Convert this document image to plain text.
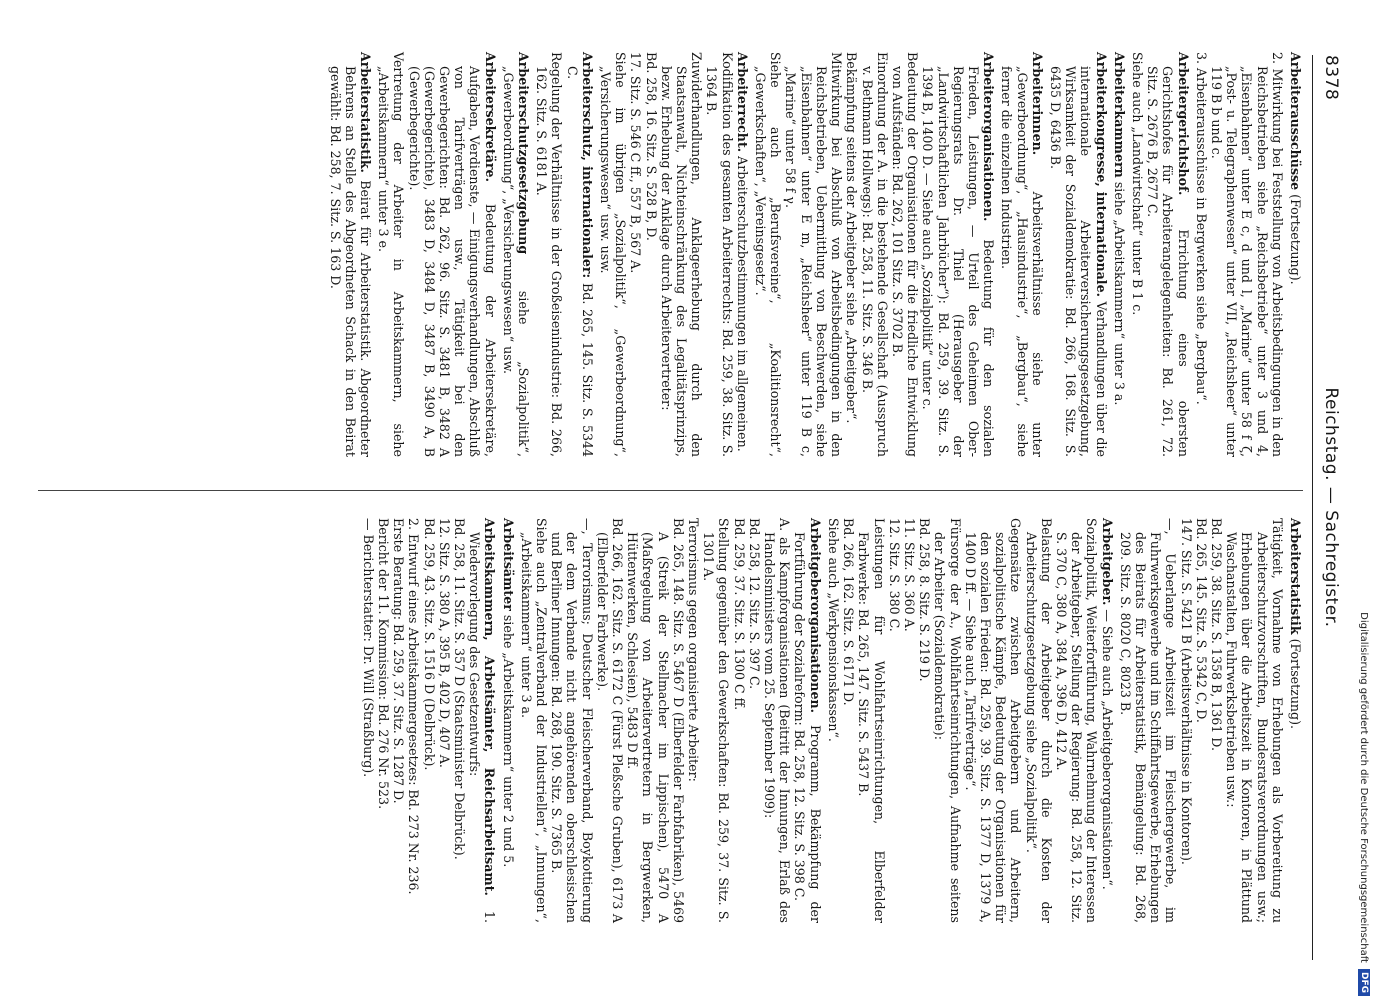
8378
Reichstag. — Sachregister.

Arbeiterausschüsse (Fortsetzung).

2. Mitwirkung bei Feststellung von Arbeitsbedingungen in den Reichsbetrieben siehe „Reichsbetriebe“ unter 3 und 4, „Eisenbahnen“ unter E c, d und l, „Marine“ unter 58 f ζ, „Post- u. Telegraphenwesen“ unter VII, „Reichsheer“ unter 119 B b und c.

3. Arbeiterausschüsse in Bergwerken siehe „Bergbau“.

Arbeitergerichtshof. Errichtung eines obersten Gerichtshofes für Arbeiterangelegenheiten: Bd. 261, 72. Sitz. S. 2676 B, 2677 C.

Siehe auch „Landwirtschaft“ unter B 1 c.

Arbeiterkammern siehe „Arbeitskammern“ unter 3 a.

Arbeiterkongresse, internationale. Verhandlungen über die internationale Arbeiterversicherungsgesetzgebung, Wirksamkeit der Sozialdemokratie: Bd. 266, 168. Sitz. S. 6435 D, 6436 B.

Arbeiterinnen. Arbeitsverhältnisse siehe unter „Gewerbeordnung“, „Hausindustrie“, „Bergbau“, siehe ferner die einzelnen Industrien.

Arbeiterorganisationen. Bedeutung für den sozialen Frieden, Leistungen, — Urteil des Geheimen Ober-Regierungsrats Dr. Thiel (Herausgeber der „Landwirtschaftlichen Jahrbücher“): Bd. 259, 39. Sitz. S. 1394 B, 1400 D. — Siehe auch „Sozialpolitik“ unter c.

Bedeutung der Organisationen für die friedliche Entwicklung von Aufständen: Bd. 262, 101 Sitz. S. 3702 B.

Einordnung der A. in die bestehende Gesellschaft (Ausspruch v. Bethmann Hollwegs): Bd. 258, 11. Sitz. S. 346 B.

Bekämpfung seitens der Arbeitgeber siehe „Arbeitgeber“.

Mitwirkung bei Abschluß von Arbeitsbedingungen in den Reichsbetrieben, Uebermittlung von Beschwerden, siehe „Eisenbahnen“ unter E m, „Reichsheer“ unter 119 B c, „Marine“ unter 58 f γ.

Siehe auch „Berufsvereine“, „Koalitionsrecht“, „Gewerkschaften“, „Vereinsgesetz“.

Arbeiterrecht. Arbeiterschutzbestimmungen im allgemeinen.

Kodifikation des gesamten Arbeiterrechts: Bd. 259, 38. Sitz. S. 1364 B.

Zuwiderhandlungen, Anklageerhebung durch den Staatsanwalt, Nichteinschränkung des Legalitätsprinzips, bezw. Erhebung der Anklage durch Arbeitervertreter:

Bd. 258, 16. Sitz. S. 528 B, D.

17. Sitz. S. 546 C ff., 557 B, 567 A.

Siehe im übrigen „Sozialpolitik“, „Gewerbeordnung“, „Versicherungswesen“ usw. usw.

Arbeiterschutz, internationaler: Bd. 265, 145. Sitz. S. 5344 C.

Regelung der Verhältnisse in der Großeisenindustrie: Bd. 266, 162. Sitz. S. 6181 A.

Arbeiterschutzgesetzgebung siehe „Sozialpolitik“, „Gewerbeordnung“, „Versicherungswesen“ usw.

Arbeitersekretäre. Bedeutung der Arbeitersekretäre, Aufgaben, Verdienste, — Einigungsverhandlungen, Abschluß von Tarifverträgen usw., Tätigkeit bei den Gewerbegerichten: Bd. 262, 96. Sitz. S. 3481 B, 3482 A (Gewerbegerichte), 3483 D, 3484 D, 3487 B, 3490 A, B (Gewerbegerichte).

Vertretung der Arbeiter in Arbeitskammern, siehe „Arbeitskammern“ unter 3 e.

Arbeiterstatistik. Beirat für Arbeiterstatistik. Abgeordneter Behrens an Stelle des Abgeordneten Schack in den Beirat gewählt: Bd. 258, 7. Sitz. S. 163 D.

Arbeiterstatistik (Fortsetzung).

Tätigkeit, Vornahme von Erhebungen als Vorbereitung zu Arbeiterschutzvorschriften, Bundesratsverordnungen usw.; Erhebungen über die Arbeitszeit in Kontoren, in Plättund Waschanstalten, Fuhrwerksbetrieben usw.:

Bd. 259, 38. Sitz. S. 1358 B, 1361 D.

Bd. 265, 145. Sitz. S. 5342 C, D.

147. Sitz. S. 5421 B (Arbeitsverhältnisse in Kontoren).

—, Ueberlange Arbeitszeit im Fleischergewerbe, im Fuhrwerksgewerbe und im Schiffahrtsgewerbe, Erhebungen des Beirats für Arbeiterstatistik, Bemängelung: Bd. 268, 209. Sitz. S. 8020 C, 8023 B.

Arbeitgeber. — Siehe auch „Arbeitgeberorganisationen“.

Sozialpolitik, Weiterfortführung, Wahrnehmung der Interessen der Arbeitgeber, Stellung der Regierung: Bd. 258, 12. Sitz. S. 370 C, 380 A, 384 A, 396 D, 412 A.

Belastung der Arbeitgeber durch die Kosten der Arbeiterschutzgesetzgebung siehe „Sozialpolitik“.

Gegensätze zwischen Arbeitgebern und Arbeitern, sozialpolitische Kämpfe, Bedeutung der Organisationen für den sozialen Frieden: Bd. 259, 39. Sitz. S. 1377 D, 1379 A, 1400 D ff. — Siehe auch „Tarifverträge“.

Fürsorge der A., Wohlfahrtseinrichtungen, Aufnahme seitens der Arbeiter (Sozialdemokratie):

Bd. 258, 8. Sitz. S. 219 D.

11. Sitz. S. 360 A.

12. Sitz. S. 380 C.

Leistungen für Wohlfahrtseinrichtungen, Elberfelder Farbwerke: Bd. 265, 147. Sitz. S. 5437 B.

Bd. 266, 162. Sitz. S. 6171 D.

Siehe auch „Werkpensionskassen“.

Arbeitgeberorganisationen. Programm, Bekämpfung der Fortführung der Sozialreform: Bd. 258, 12. Sitz. S. 398 C.

A. als Kampforganisationen (Beitritt der Innungen, Erlaß des Handelsministers vom 25. September 1909):

Bd. 258, 12. Sitz. S. 397 C.

Bd. 259, 37. Sitz. S. 1300 C ff.

Stellung gegenüber den Gewerkschaften: Bd. 259, 37. Sitz. S. 1301 A.

Terrorismus gegen organisierte Arbeiter:

Bd. 265, 148. Sitz. S. 5467 D (Elberfelder Farbfabriken), 5469 A (Streik der Stellmacher im Lippischen), 5470 A (Maßregelung von Arbeitervertretern in Bergwerken, Hüttenwerken, Schlesien), 5483 D ff.

Bd. 266, 162. Sitz. S. 6172 C (Fürst Pleßsche Gruben), 6173 A (Elberfelder Farbwerke).

—, Terrorismus; Deutscher Fleischerverband, Boykottierung der dem Verbande nicht angehörenden oberschlesischen und Berliner Innungen: Bd. 268, 190. Sitz. S. 7365 B.

Siehe auch „Zentralverband der Industriellen“, „Innungen“, „Arbeitskammern“ unter 3 a.

Arbeitsämter siehe „Arbeitskammern“ unter 2 und 5.

Arbeitskammern, Arbeitsämter, Reichsarbeitsamt. 1. Wiedervorlegung des Gesetzentwurfs:

Bd. 258, 11. Sitz. S. 357 D (Staatsminister Delbrück).

12. Sitz. S. 380 A, 395 B, 402 D, 407 A.

Bd. 259, 43. Sitz. S. 1516 D (Delbrück).

2. Entwurf eines Arbeitskammergesetzes: Bd. 273 Nr. 236.

Erste Beratung: Bd. 259, 37. Sitz. S. 1287 D.

Bericht der 11. Kommission: Bd. 276 Nr. 523.

— Berichterstatter: Dr. Will (Straßburg).	Digitalisierung gefördert durch die Deutsche Forschungsgemeinschaft
DFG
